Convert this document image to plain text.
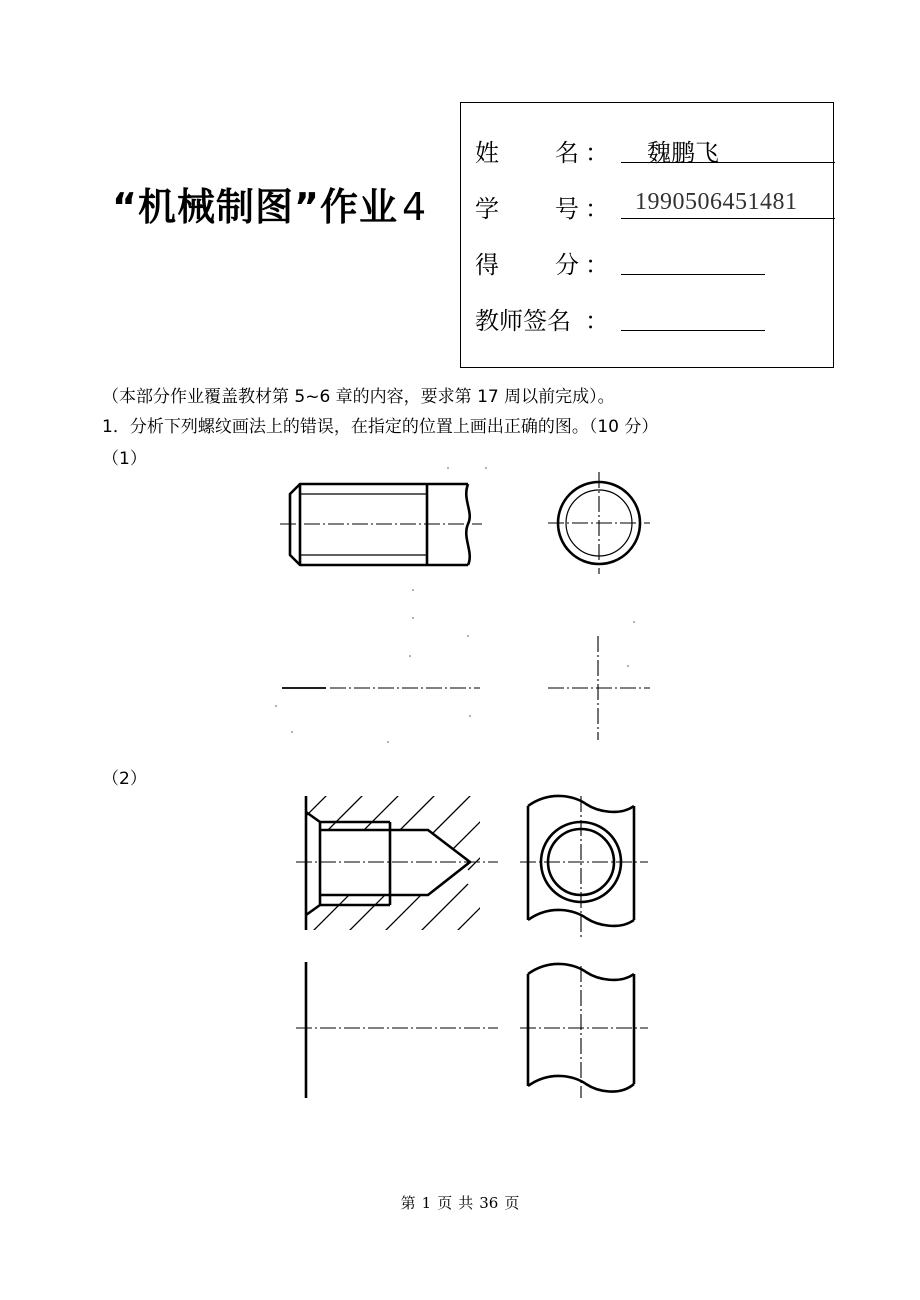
“机械制图”作业 4
姓 名 ：	魏鹏飞
学 号 ：	1990506451481
得 分 ：
教师签名 ：
（本部分作业覆盖教材第 5~6 章的内容，要求第 17 周以前完成）。
1．分析下列螺纹画法上的错误，在指定的位置上画出正确的图。（10 分）
（1）
（2）
第 1 页 共 36 页
